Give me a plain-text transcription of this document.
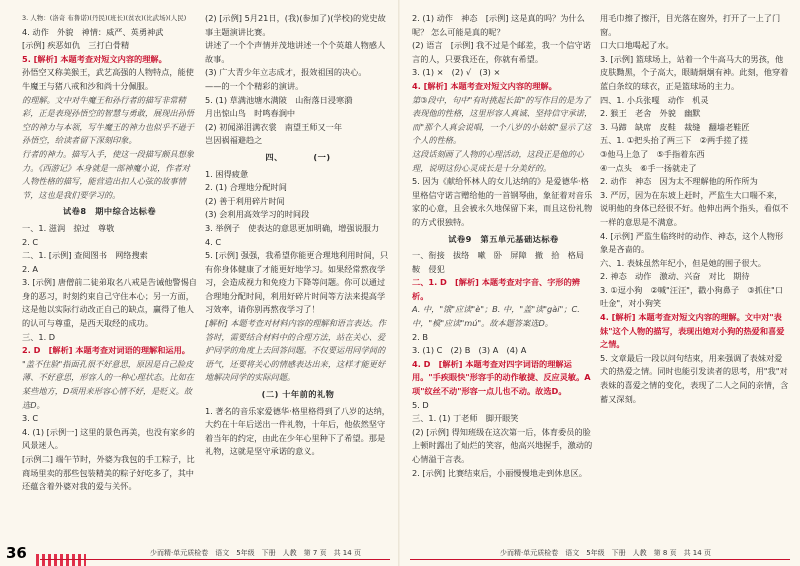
3. 人物：(洛奇 布鲁诺)(丹民)(班长)(贫农)(比武场)(人民)

4. 动作　外貌　神情：威严、英勇神武

[示例] 疾恶如仇　三打白骨精

5. [解析] 本题考查对短文内容的理解。

孙悟空又称美猴王，武艺高强的人物特点，能使牛魔王与猪八戒和沙和尚十分佩服。

的理解。文中对牛魔王和孙行者的描写非常精彩，正是表现孙悟空的智慧与勇敢，展现出孙悟空的神力与本领，写牛魔王的神力也似乎不逊于孙悟空，给读者留下深刻印象。

行者的神力。描写入手，使这一段描写颇具想象力。《西游记》本身就是一部神魔小说，作者对人物性格的描写，能营造出扣人心弦的故事情节，这也是我们要学习的。

试卷8　期中综合达标卷

一、1. 滋润　掠过　尊敬

2. C

二、1. [示例] 查阅图书　网络搜索

2. A

3. [示例] 唐僧前二徒弟取名八戒是告诫他警惕自身的恶习，时刻约束自己守住本心；另一方面，这是他以实际行动改正自己的缺点，赢得了他人的认可与尊重，是西天取经的成功。

三、1. D

2. D　[解析] 本题考查对词语的理解和运用。

"盖不住脸"指面孔很不好意思，原因是自己脸皮薄、不好意思，形容人的一种心理状态。比如在某些地方，D项用来形容心情不好，是贬义。故选D。

3. C

4. (1) [示例一] 这里的景色再美，也没有家乡的风景迷人。

[示例二] 端午节时，外婆为我包的手工粽子，比商场里卖的那些包装精美的粽子好吃多了，其中还蕴含着外婆对我的爱与关怀。

(2) [示例] 5月21日，(我)(参加了)(学校)的党史故事主题演讲比赛。

讲述了一个个声情并茂地讲述一个个英雄人物感人故事。

(3) 广大青少年立志成才，报效祖国的决心。

——的一个个精彩的演讲。

5. (1) 草满池塘水满陂　山衔落日浸寒漪

月出惊山鸟　时鸣春涧中

(2) 初闻涕泪满衣裳　南望王师又一年

岂因祸福避趋之

四、　　　　(一)

1. 困得疲惫

2. (1) 合理地分配时间

(2) 善于利用碎片时间

(3) 会利用高效学习的时间段

3. 举例子　使表达的意思更加明确，增强说服力

4. C

5. [示例] 强强，我希望你能更合理地利用时间，只有你身体健康了才能更好地学习。如果经常熬夜学习，会造成视力和免疫力下降等问题。你可以通过合理地分配时间，利用好碎片时间等方法来提高学习效率，请你别再熬夜学习了！

[解析] 本题考查对材料内容的理解和语言表达。作答时，需要结合材料中的合理方法，站在关心、爱护同学的角度上去回答问题。不仅要运用同学间的语气，还要将关心的情感表达出来，这样才能更好地解决同学的实际问题。

(二) 十年前的礼物

1. 著名的音乐家爱德华·格里格得到了八岁的达纳，大约在十年后送出一件礼物，十年后，他依然坚守着当年的约定，由此在少年心里种下了希望。那是礼物，这就是坚守承诺的意义。

36	少而精·单元质检卷　语文　5年级　下册　人教　第 7 页　共 14 页

2. (1) 动作　神态　[示例] 这是真的吗？为什么呢？ 怎么可能是真的呢？

(2) 语言　[示例] 我不过是个邮差，我一个信守诺言的人，只要我还在，你就有希望。

3. (1) ×　(2) √　(3) ×

4. [解析] 本题考查对短文内容的理解。

第③段中，句中"有时挑起长笛"的写作目的是为了表现他的性格，这里形容人真诚、坚持信守承诺，而"那个人真会说唱，一个八岁的小姑娘"显示了这个人的性格。

这段话刻画了人物的心理活动，这段正是他的心理，说明这份心灵成长是十分美好的。

5. 因为《献给怀林人的女儿达纳的》是爱德华·格里格信守诺言赠给他的一首钢琴曲，象征着对音乐家的心意，且会被永久地保留下来，而且这份礼物的方式很独特。

试卷9　第五单元基础达标卷

一、衔接　拔络　嗽　卧　屏障　撤　拾　格局　鞍　侵犯

二、1. D　[解析] 本题考查对字音、字形的辨析。

A. 中，"饿"应读"è"；B. 中，"盖"读"gài"；C. 中，"模"应读"mú"。故本题答案选D。

2. B

3. (1) C　(2) B　(3) A　(4) A

4. D　[解析] 本题考查对四字词语的理解运用。"手疾眼快"形容手的动作敏捷、反应灵敏。A项"纹丝不动"形容一点儿也不动。故选D。

5. D

三、1. (1) 丁老师　脚开眼笑

(2) [示例] 得知班级在这次第一后，体育委员的脸上顿时露出了灿烂的笑容，他高兴地握手，激动的心情溢于言表。

2. [示例] 比赛结束后，小丽慢慢地走到休息区。

用毛巾擦了擦汗，目光落在窗外，打开了一上了门窗。

口大口地喝起了水。

3. [示例] 篮球场上，站着一个牛高马大的男孩，他皮肤黝黑，个子高大，眼睛炯炯有神。此刻，他穿着蓝白条纹的球衣，正是篮球场的主力。

四、1. 小兵张嘎　动作　机灵

2. 猴王　老舍　外貌　幽默

3. 马蹄　缺席　皮鞋　裁缝　翻墙老鞋匠

五、1. ①把头抬了两三下　②两手搓了搓

③他马上急了　⑤手指着东西

④一点头　⑥手一扬就走了

2. 动作　神态　因为太不理解他的所作所为

3. 严厉，因为在东坡上赶时，严监生大口喘不来，说明他的身体已经很不好。他伸出两个指头，看似不一样的意思是不满意。

4. [示例] 严监生临终时的动作、神态，这个人物形象是吝啬的。

六、1. 表妹虽然年纪小，但是她的围子很大。

2. 神态　动作　激动、兴奋　对比　期待

3. ①逗小狗　②喊"汪汪"，戳小狗鼻子　③抓住"口吐金"，对小狗笑

4. [解析] 本题考查对短文内容的理解。文中对"表妹"这个人物的描写，表现出她对小狗的热爱和喜爱之情。

5. 文章最后一段以问句结束，用来强调了表妹对爱犬的热爱之情。同时也能引发读者的思考，用"我"对表妹的喜爱之情的变化，表现了二人之间的亲情，含蓄又深刻。

少而精·单元质检卷　语文　5年级　下册　人教　第 8 页　共 14 页
